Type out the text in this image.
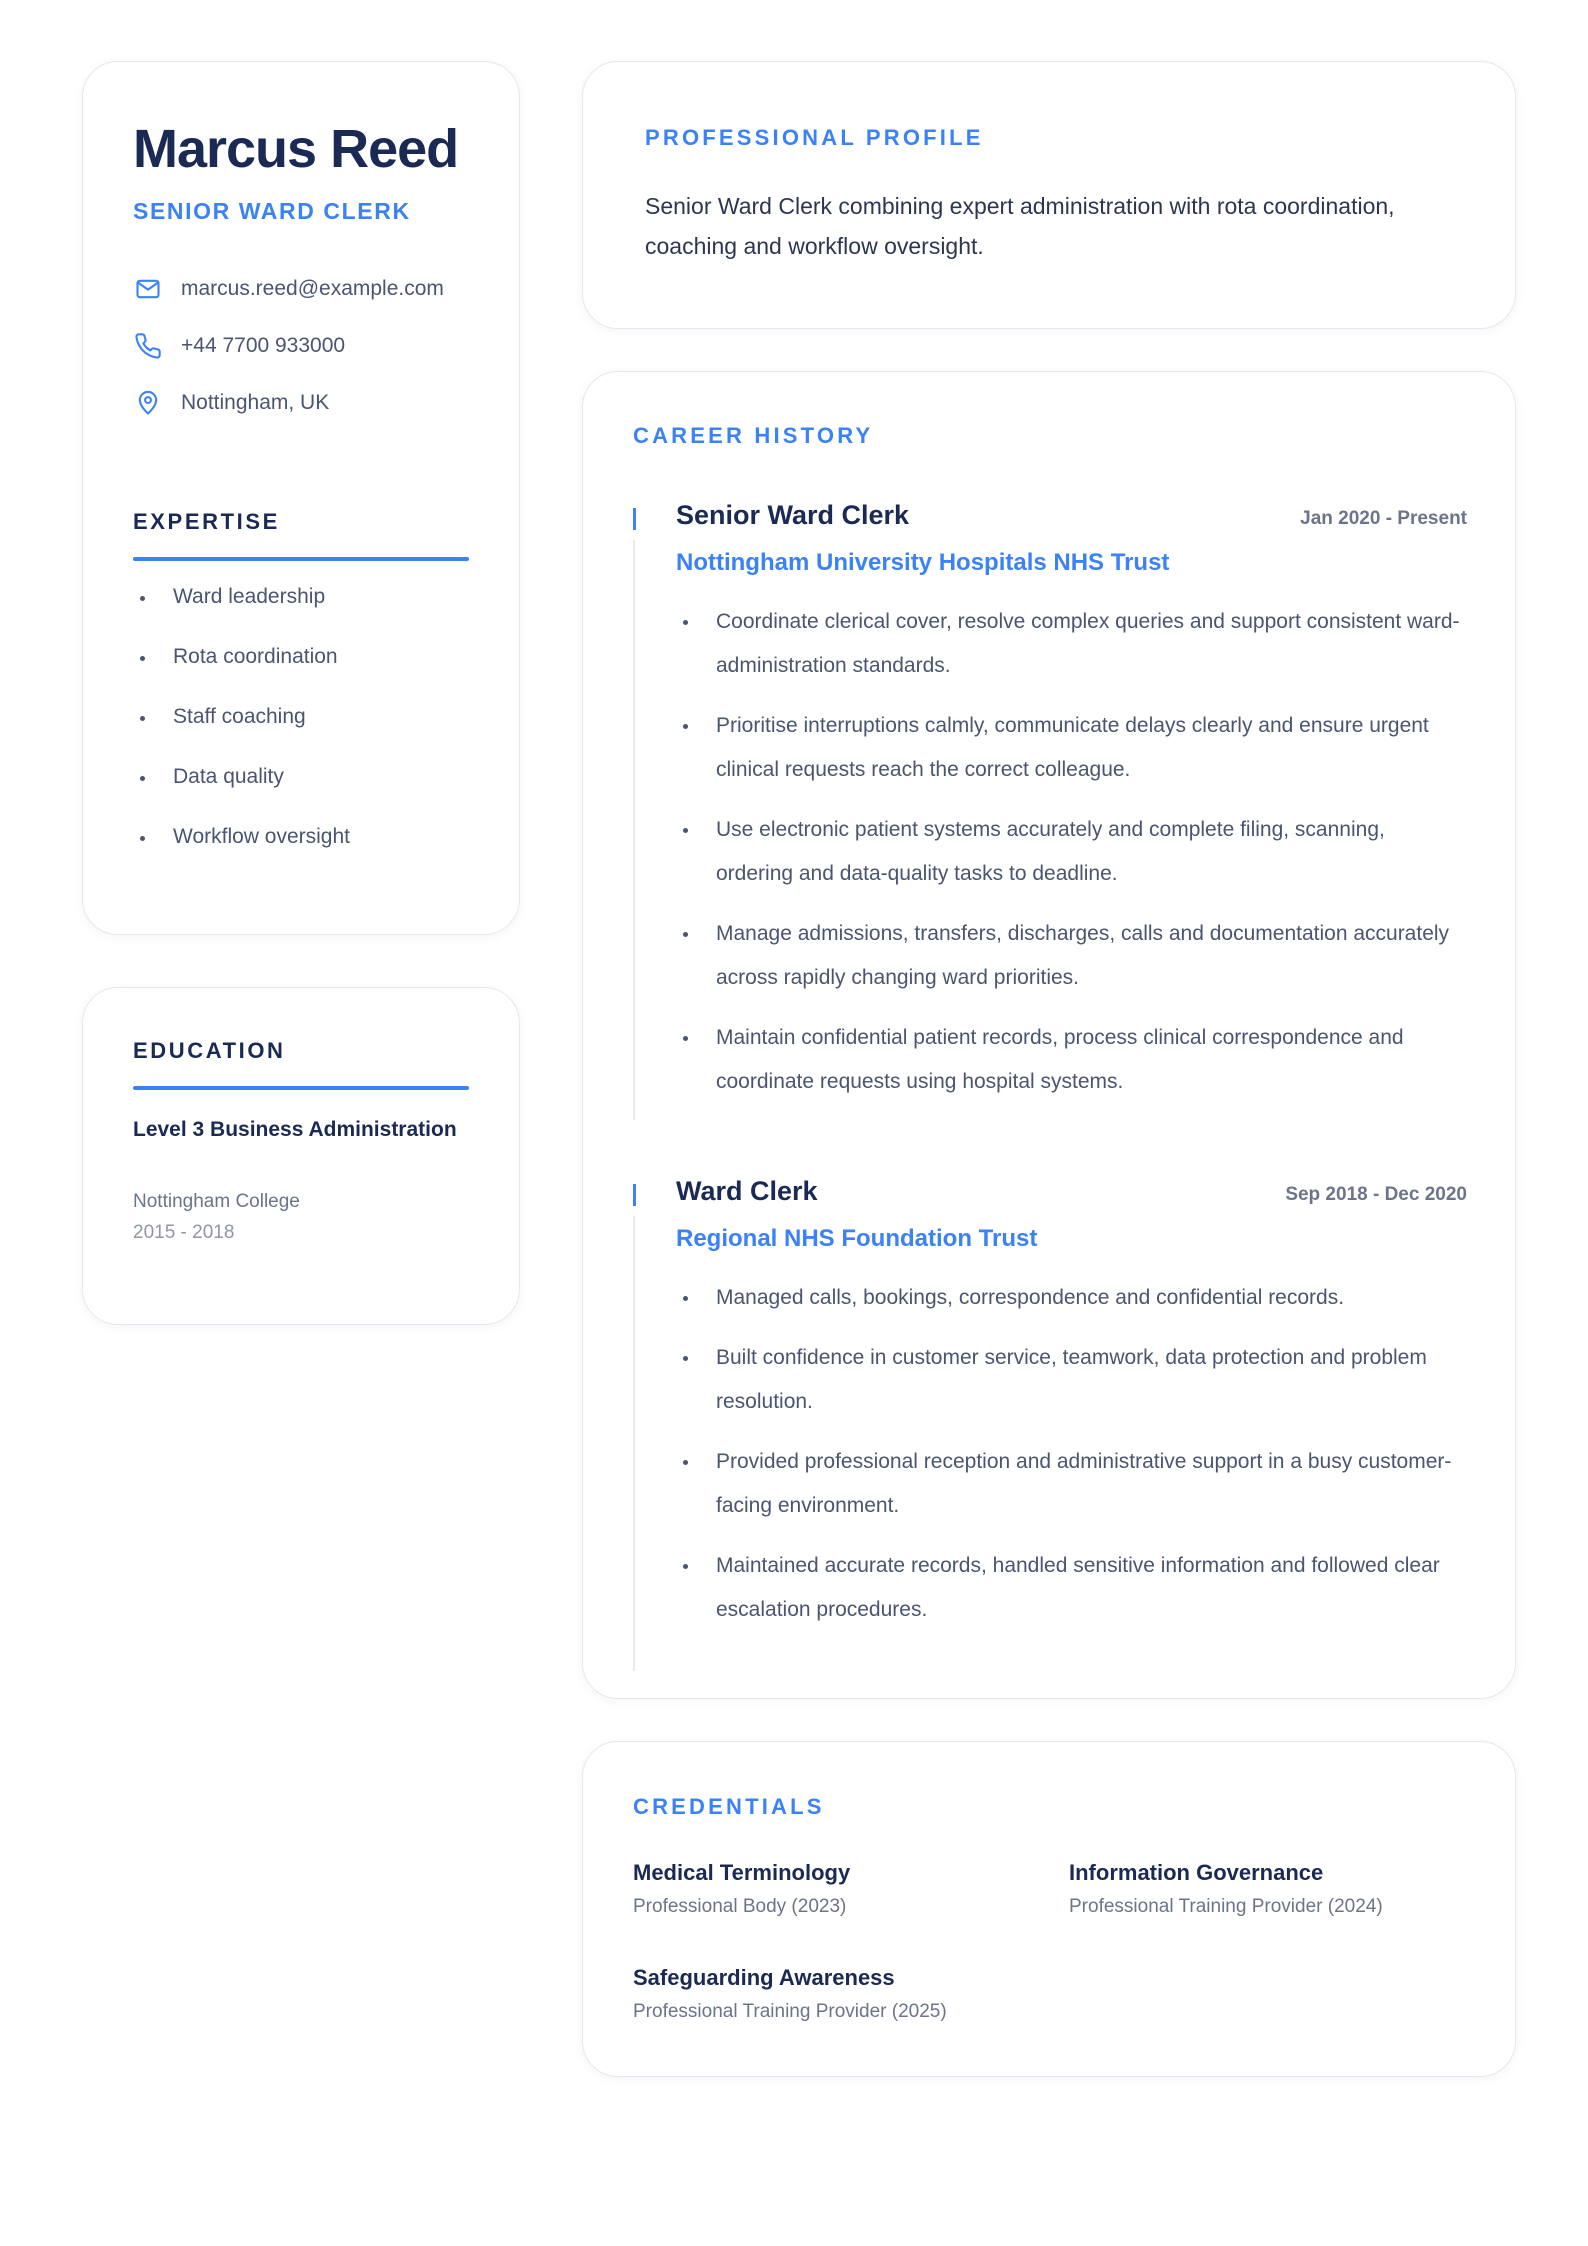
Marcus Reed
SENIOR WARD CLERK
marcus.reed@example.com
+44 7700 933000
Nottingham, UK
EXPERTISE
Ward leadership
Rota coordination
Staff coaching
Data quality
Workflow oversight
EDUCATION
Level 3 Business Administration
Nottingham College
2015 - 2018
PROFESSIONAL PROFILE
Senior Ward Clerk combining expert administration with rota coordination, coaching and workflow oversight.
CAREER HISTORY
Senior Ward Clerk	Jan 2020 - Present
Nottingham University Hospitals NHS Trust
Coordinate clerical cover, resolve complex queries and support consistent ward-administration standards.
Prioritise interruptions calmly, communicate delays clearly and ensure urgent clinical requests reach the correct colleague.
Use electronic patient systems accurately and complete filing, scanning, ordering and data-quality tasks to deadline.
Manage admissions, transfers, discharges, calls and documentation accurately across rapidly changing ward priorities.
Maintain confidential patient records, process clinical correspondence and coordinate requests using hospital systems.
Ward Clerk	Sep 2018 - Dec 2020
Regional NHS Foundation Trust
Managed calls, bookings, correspondence and confidential records.
Built confidence in customer service, teamwork, data protection and problem resolution.
Provided professional reception and administrative support in a busy customer-facing environment.
Maintained accurate records, handled sensitive information and followed clear escalation procedures.
CREDENTIALS
Medical Terminology
Professional Body (2023)
Information Governance
Professional Training Provider (2024)
Safeguarding Awareness
Professional Training Provider (2025)
